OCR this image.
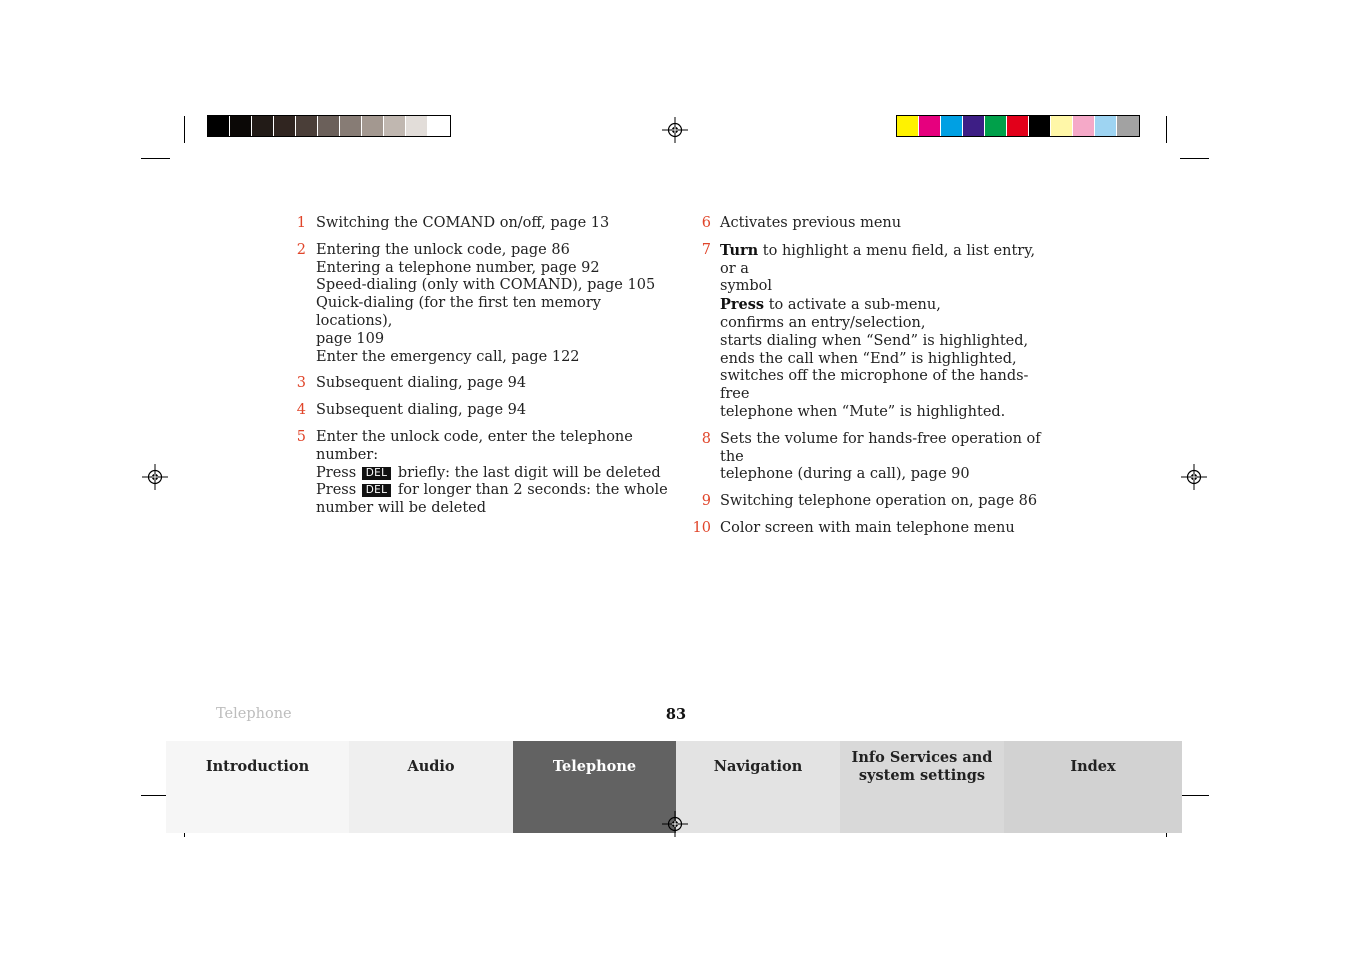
1 Switching the COMAND on/off, page 13
2 Entering the unlock code, page 86
Entering a telephone number, page 92
Speed-dialing (only with COMAND), page 105
Quick-dialing (for the first ten memory locations),
page 109
Enter the emergency call, page 122
3 Subsequent dialing, page 94
4 Subsequent dialing, page 94
5 Enter the unlock code, enter the telephone number:
Press DEL briefly: the last digit will be deleted
Press DEL for longer than 2 seconds: the whole
number will be deleted
6 Activates previous menu
7 Turn to highlight a menu field, a list entry, or a
symbol
Press to activate a sub-menu,
confirms an entry/selection,
starts dialing when “Send” is highlighted,
ends the call when “End” is highlighted,
switches off the microphone of the hands-free
telephone when “Mute” is highlighted.
8 Sets the volume for hands-free operation of the
telephone (during a call), page 90
9 Switching telephone operation on, page 86
10 Color screen with main telephone menu
Telephone	83
Introduction	Audio	Telephone	Navigation
Info Services and
system settings
Index
